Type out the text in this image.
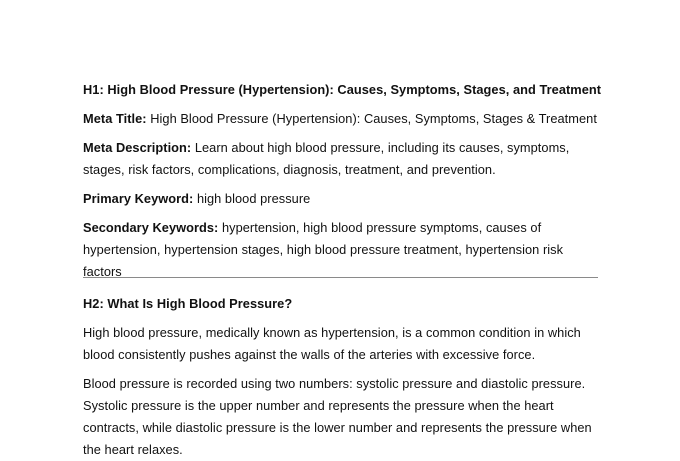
H1: High Blood Pressure (Hypertension): Causes, Symptoms, Stages, and Treatment

Meta Title: High Blood Pressure (Hypertension): Causes, Symptoms, Stages & Treatment

Meta Description: Learn about high blood pressure, including its causes, symptoms,

stages, risk factors, complications, diagnosis, treatment, and prevention.

Primary Keyword: high blood pressure

Secondary Keywords: hypertension, high blood pressure symptoms, causes of

hypertension, hypertension stages, high blood pressure treatment, hypertension risk factors

H2: What Is High Blood Pressure?

High blood pressure, medically known as hypertension, is a common condition in which

blood consistently pushes against the walls of the arteries with excessive force.

Blood pressure is recorded using two numbers: systolic pressure and diastolic pressure.

Systolic pressure is the upper number and represents the pressure when the heart

contracts, while diastolic pressure is the lower number and represents the pressure when

the heart relaxes.
